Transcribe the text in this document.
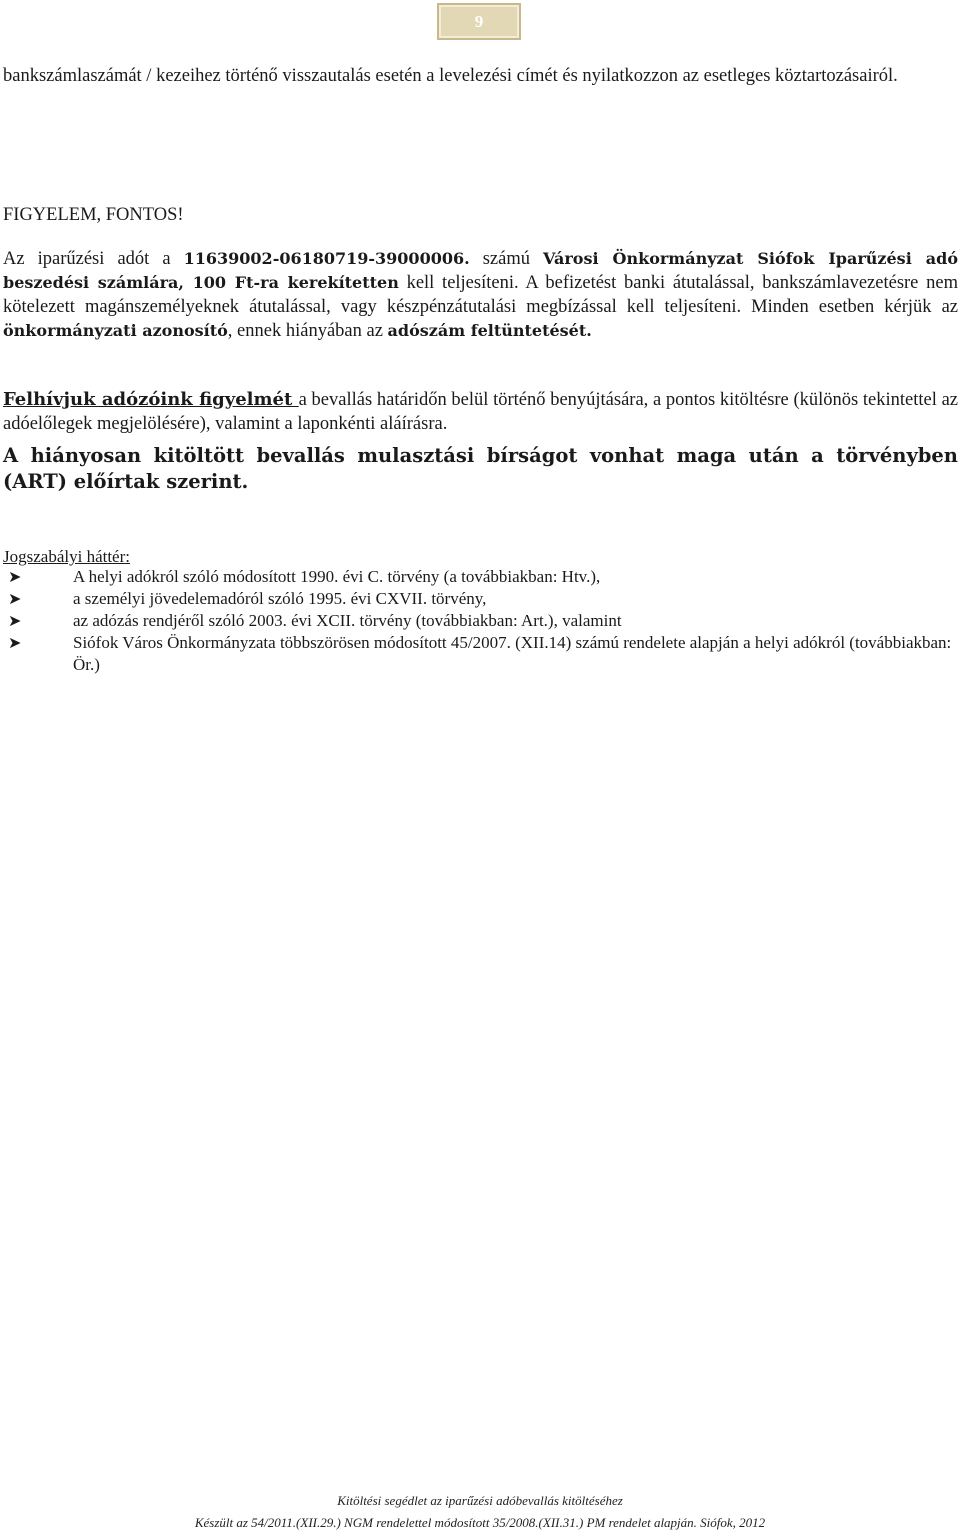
9

bankszámlaszámát / kezeihez történő visszautalás esetén a levelezési címét és nyilatkozzon az esetleges köztartozásairól.

FIGYELEM, FONTOS!

Az iparűzési adót a 11639002-06180719-39000006. számú Városi Önkormányzat Siófok Iparűzési adó beszedési számlára, 100 Ft-ra kerekítetten kell teljesíteni. A befizetést banki átutalással, bankszámlavezetésre nem kötelezett magánszemélyeknek átutalással, vagy készpénzátutalási megbízással kell teljesíteni. Minden esetben kérjük az önkormányzati azonosító, ennek hiányában az adószám feltüntetését.

Felhívjuk adózóink figyelmét a bevallás határidőn belül történő benyújtására, a pontos kitöltésre (különös tekintettel az adóelőlegek megjelölésére), valamint a laponkénti aláírásra.

A hiányosan kitöltött bevallás mulasztási bírságot vonhat maga után a törvényben (ART) előírtak szerint.

Jogszabályi háttér:

➤	A helyi adókról szóló módosított 1990. évi C. törvény (a továbbiakban: Htv.),
➤	a személyi jövedelemadóról szóló 1995. évi CXVII. törvény,
➤	az adózás rendjéről szóló 2003. évi XCII. törvény (továbbiakban: Art.), valamint
➤	Siófok Város Önkormányzata többszörösen módosított 45/2007. (XII.14) számú rendelete alapján a helyi adókról (továbbiakban: Ör.)
Kitöltési segédlet az iparűzési adóbevallás kitöltéséhez
Készült az 54/2011.(XII.29.) NGM rendelettel módosított 35/2008.(XII.31.) PM rendelet alapján. Siófok, 2012
